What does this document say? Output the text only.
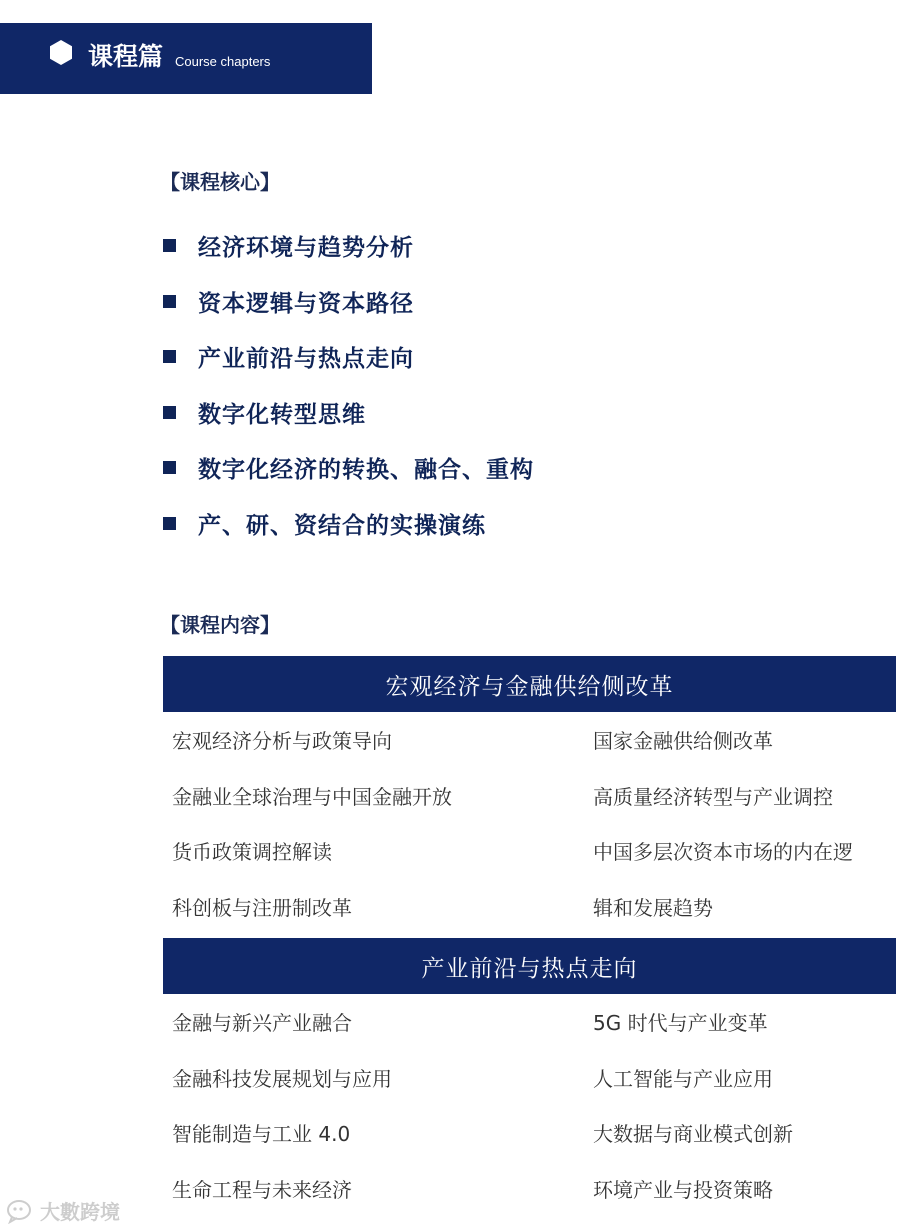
课程篇 Course chapters
【课程核心】
经济环境与趋势分析
资本逻辑与资本路径
产业前沿与热点走向
数字化转型思维
数字化经济的转换、融合、重构
产、研、资结合的实操演练
【课程内容】
宏观经济与金融供给侧改革
宏观经济分析与政策导向	国家金融供给侧改革
金融业全球治理与中国金融开放	高质量经济转型与产业调控
货币政策调控解读	中国多层次资本市场的内在逻
科创板与注册制改革	辑和发展趋势
产业前沿与热点走向
金融与新兴产业融合	5G 时代与产业变革
金融科技发展规划与应用	人工智能与产业应用
智能制造与工业 4.0	大数据与商业模式创新
生命工程与未来经济	环境产业与投资策略
大數跨境
